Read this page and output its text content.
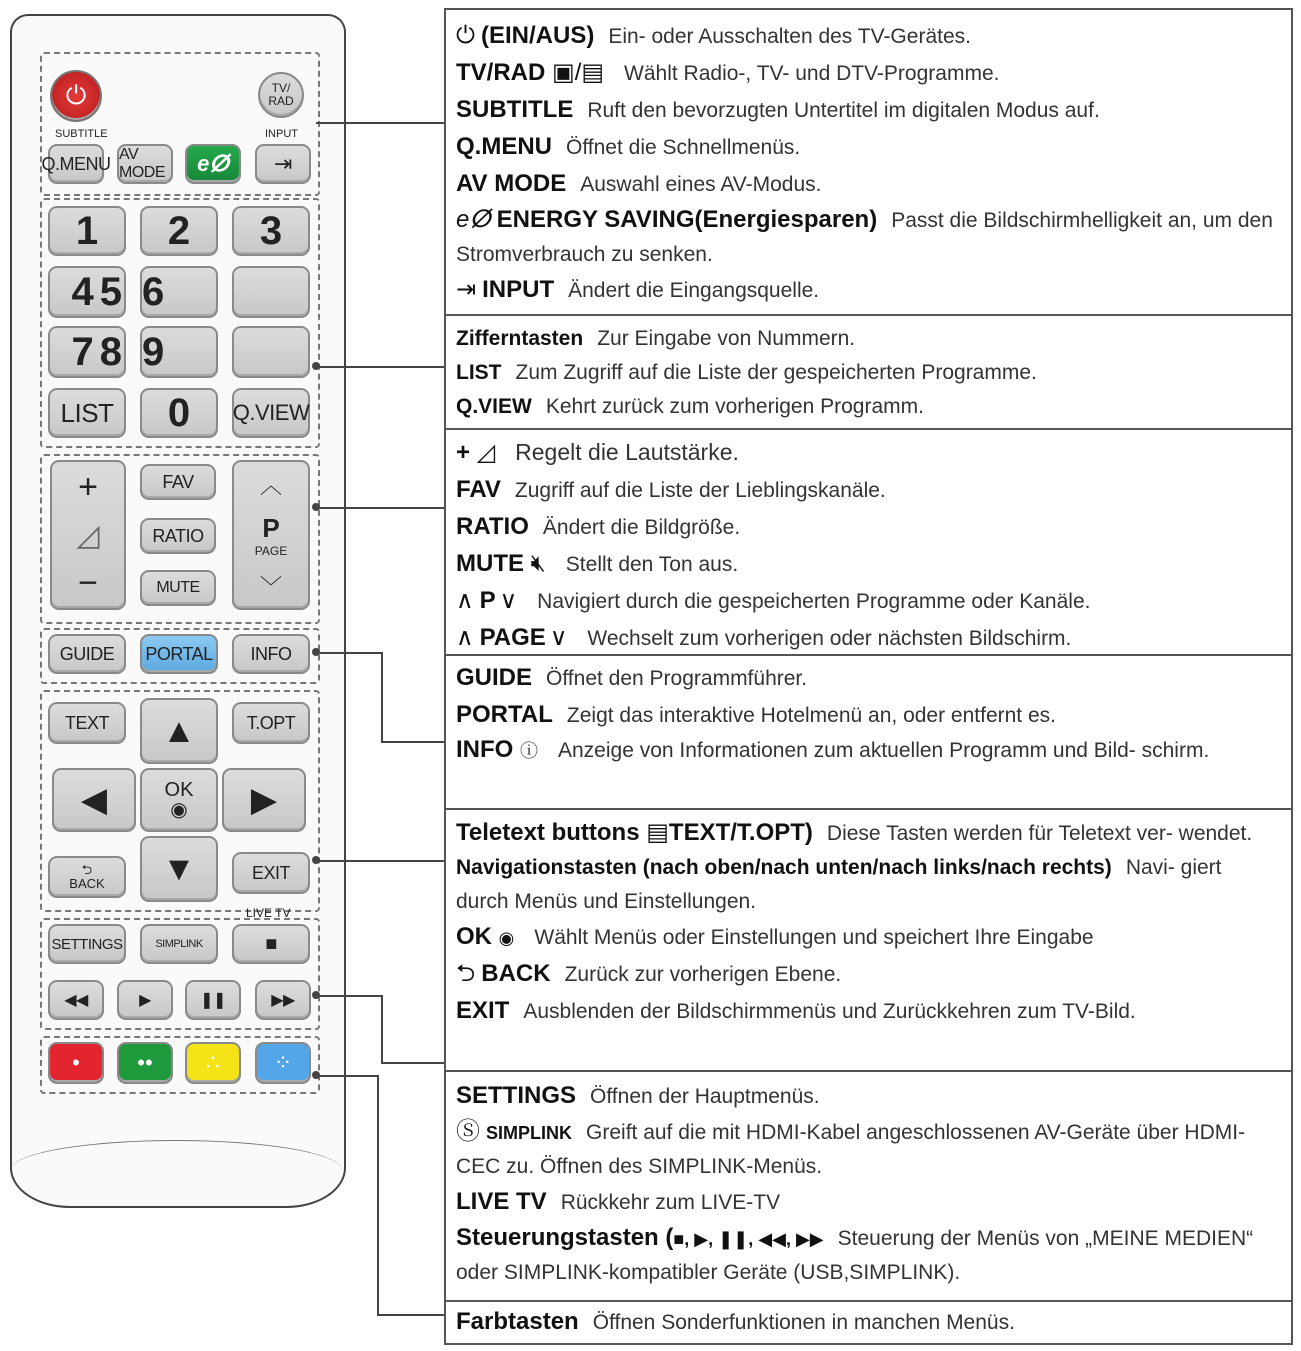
⏻	TV/
RAD
SUBTITLE	INPUT
Q.MENU AV MODE	eⵁ ⇥
1	2	3
4 5 6
7 8 9
LIST	0	Q.VIEW
+
◿
−
FAV
RATIO
MUTE
︿
P
PAGE
﹀
GUIDE	PORTAL	INFO
TEXT	T.OPT
▲
◀	OK
◉	▶
▼
⮌
BACK
EXIT
LIVE TV
SETTINGS	SIMPLINK	■
◀◀	▶	❚❚	▶▶
•	•• ∴ ⁘
⏻ (EIN/AUS) Ein- oder Ausschalten des TV-Gerätes.
TV/RAD ▣/▤ Wählt Radio-, TV- und DTV-Programme.
SUBTITLE Ruft den bevorzugten Untertitel im digitalen Modus auf.
Q.MENU Öffnet die Schnellmenüs.
AV MODE Auswahl eines AV-Modus.
eⵁ ENERGY SAVING(Energiesparen) Passt die Bildschirmhelligkeit an, um den Stromverbrauch zu senken.
⇥ INPUT Ändert die Eingangsquelle.
Zifferntasten Zur Eingabe von Nummern.
LIST Zum Zugriff auf die Liste der gespeicherten Programme.
Q.VIEW Kehrt zurück zum vorherigen Programm.
+ ◿ Regelt die Lautstärke.
FAV Zugriff auf die Liste der Lieblingskanäle.
RATIO Ändert die Bildgröße.
MUTE 🔇︎ Stellt den Ton aus.
∧ P ∨ Navigiert durch die gespeicherten Programme oder Kanäle.
∧ PAGE ∨ Wechselt zum vorherigen oder nächsten Bildschirm.
GUIDE Öffnet den Programmführer.
PORTAL Zeigt das interaktive Hotelmenü an, oder entfernt es.
INFO ⓘ Anzeige von Informationen zum aktuellen Programm und Bild- schirm.
Teletext buttons ▤TEXT/T.OPT) Diese Tasten werden für Teletext ver- wendet.
Navigationstasten (nach oben/nach unten/nach links/nach rechts) Navi- giert durch Menüs und Einstellungen.
OK ◉ Wählt Menüs oder Einstellungen und speichert Ihre Eingabe
⮌ BACK Zurück zur vorherigen Ebene.
EXIT Ausblenden der Bildschirmmenüs und Zurückkehren zum TV-Bild.
SETTINGS Öffnen der Hauptmenüs.
Ⓢ SIMPLINK Greift auf die mit HDMI-Kabel angeschlossenen AV-Geräte über HDMI-CEC zu. Öffnen des SIMPLINK-Menüs.
LIVE TV Rückkehr zum LIVE-TV
Steuerungstasten (■, ▶, ❚❚, ◀◀, ▶▶ Steuerung der Menüs von „MEINE MEDIEN“ oder SIMPLINK-kompatibler Geräte (USB,SIMPLINK).
Farbtasten Öffnen Sonderfunktionen in manchen Menüs.
